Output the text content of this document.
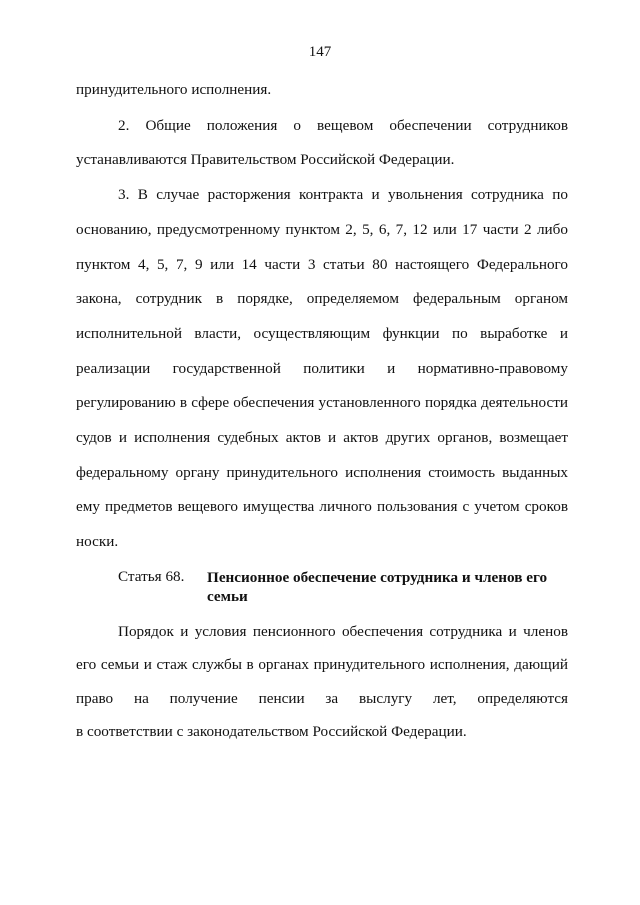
147
принудительного исполнения.
2. Общие положения о вещевом обеспечении сотрудников
устанавливаются Правительством Российской Федерации.
3. В случае расторжения контракта и увольнения сотрудника по
основанию, предусмотренному пунктом 2, 5, 6, 7, 12 или 17 части 2 либо
пунктом 4, 5, 7, 9 или 14 части 3 статьи 80 настоящего Федерального
закона, сотрудник в порядке, определяемом федеральным органом
исполнительной власти, осуществляющим функции по выработке и
реализации государственной политики и нормативно-правовому
регулированию в сфере обеспечения установленного порядка деятельности
судов и исполнения судебных актов и актов других органов, возмещает
федеральному органу принудительного исполнения стоимость выданных
ему предметов вещевого имущества личного пользования с учетом сроков
носки.
Статья 68. Пенсионное обеспечение сотрудника и членов его семьи
Порядок и условия пенсионного обеспечения сотрудника и членов
его семьи и стаж службы в органах принудительного исполнения, дающий
право на получение пенсии за выслугу лет, определяются
в соответствии с законодательством Российской Федерации.
